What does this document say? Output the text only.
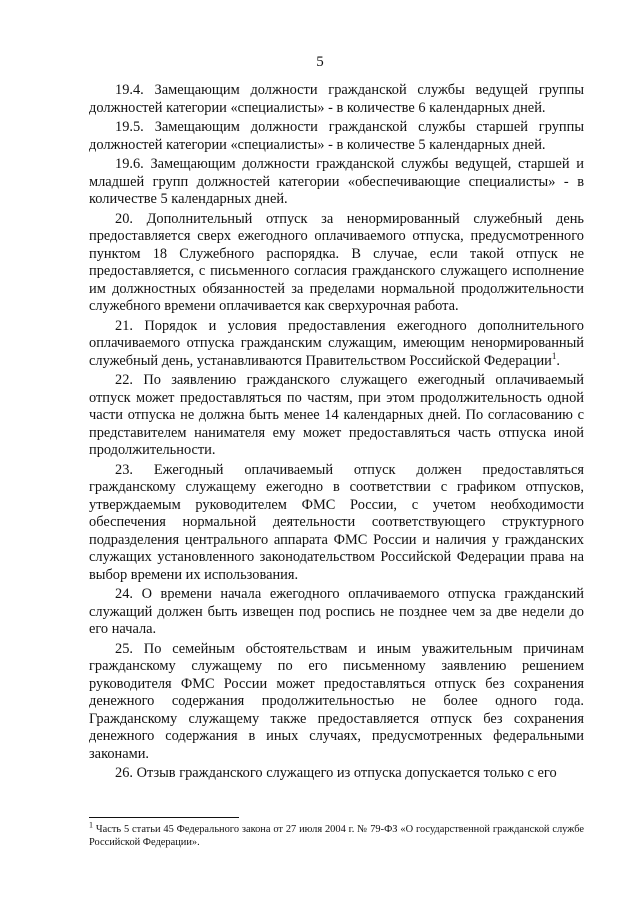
5

19.4. Замещающим должности гражданской службы ведущей группы должностей категории «специалисты» - в количестве 6 календарных дней.

19.5. Замещающим должности гражданской службы старшей группы должностей категории «специалисты» - в количестве 5 календарных дней.

19.6. Замещающим должности гражданской службы ведущей, старшей и младшей групп должностей категории «обеспечивающие специалисты» - в количестве 5 календарных дней.

20. Дополнительный отпуск за ненормированный служебный день предоставляется сверх ежегодного оплачиваемого отпуска, предусмотренного пунктом 18 Служебного распорядка. В случае, если такой отпуск не предоставляется, с письменного согласия гражданского служащего исполнение им должностных обязанностей за пределами нормальной продолжительности служебного времени оплачивается как сверхурочная работа.

21. Порядок и условия предоставления ежегодного дополнительного оплачиваемого отпуска гражданским служащим, имеющим ненормированный служебный день, устанавливаются Правительством Российской Федерации$^1$.

22. По заявлению гражданского служащего ежегодный оплачиваемый отпуск может предоставляться по частям, при этом продолжительность одной части отпуска не должна быть менее 14 календарных дней. По согласованию с представителем нанимателя ему может предоставляться часть отпуска иной продолжительности.

23. Ежегодный оплачиваемый отпуск должен предоставляться гражданскому служащему ежегодно в соответствии с графиком отпусков, утверждаемым руководителем ФМС России, с учетом необходимости обеспечения нормальной деятельности соответствующего структурного подразделения центрального аппарата ФМС России и наличия у гражданских служащих установленного законодательством Российской Федерации права на выбор времени их использования.

24. О времени начала ежегодного оплачиваемого отпуска гражданский служащий должен быть извещен под роспись не позднее чем за две недели до его начала.

25. По семейным обстоятельствам и иным уважительным причинам гражданскому служащему по его письменному заявлению решением руководителя ФМС России может предоставляться отпуск без сохранения денежного содержания продолжительностью не более одного года. Гражданскому служащему также предоставляется отпуск без сохранения денежного содержания в иных случаях, предусмотренных федеральными законами.

26. Отзыв гражданского служащего из отпуска допускается только с его

$^1$ Часть 5 статьи 45 Федерального закона от 27 июля 2004 г. № 79-ФЗ «О государственной гражданской службе Российской Федерации».
